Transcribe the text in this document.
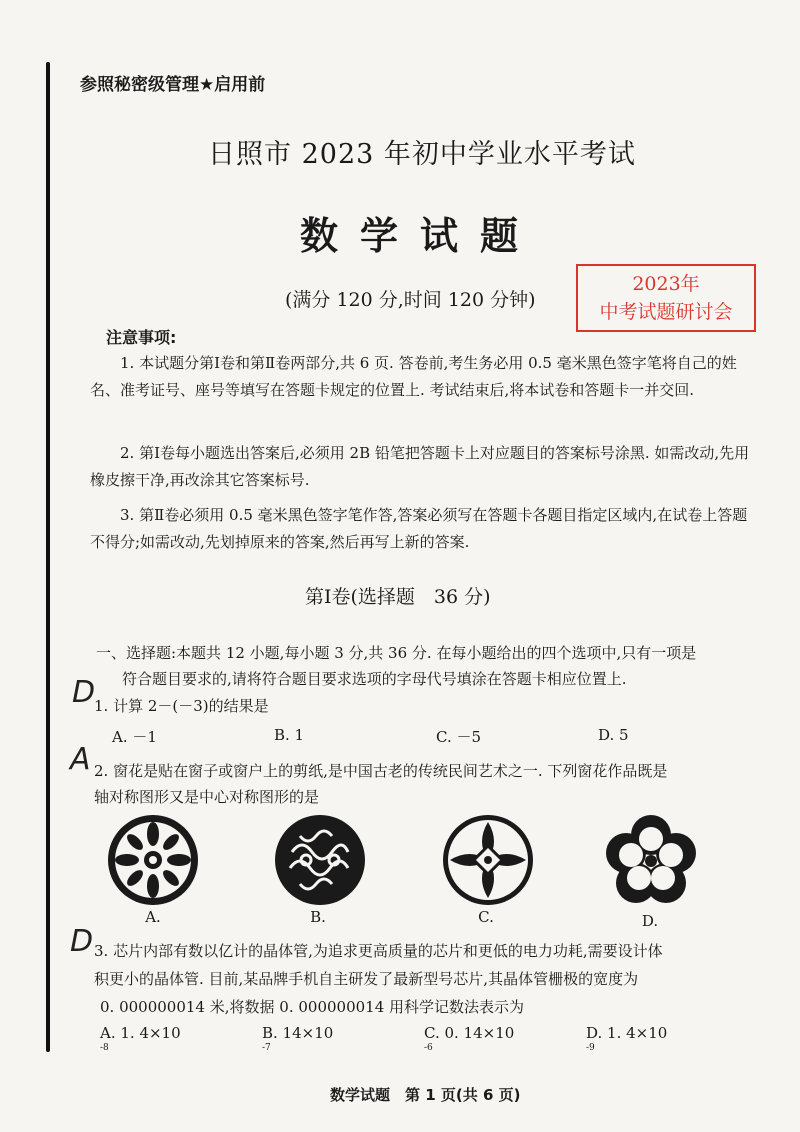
参照秘密级管理★启用前
日照市 2023 年初中学业水平考试
数学试题
(满分 120 分,时间 120 分钟)
2023年
中考试题研讨会
注意事项:
1. 本试题分第Ⅰ卷和第Ⅱ卷两部分,共 6 页. 答卷前,考生务必用 0.5 毫米黑色签字笔将自己的姓名、准考证号、座号等填写在答题卡规定的位置上. 考试结束后,将本试卷和答题卡一并交回.
2. 第Ⅰ卷每小题选出答案后,必须用 2B 铅笔把答题卡上对应题目的答案标号涂黑. 如需改动,先用橡皮擦干净,再改涂其它答案标号.
3. 第Ⅱ卷必须用 0.5 毫米黑色签字笔作答,答案必须写在答题卡各题目指定区域内,在试卷上答题不得分;如需改动,先划掉原来的答案,然后再写上新的答案.
第Ⅰ卷(选择题　36 分)
一、选择题:本题共 12 小题,每小题 3 分,共 36 分. 在每小题给出的四个选项中,只有一项是
符合题目要求的,请将符合题目要求选项的字母代号填涂在答题卡相应位置上.
D
1. 计算 2－(－3)的结果是
A. －1	B. 1	C. －5	D. 5
A 2. 窗花是贴在窗子或窗户上的剪纸,是中国古老的传统民间艺术之一. 下列窗花作品既是
轴对称图形又是中心对称图形的是
A.	B.	C.	D.
D 3. 芯片内部有数以亿计的晶体管,为追求更高质量的芯片和更低的电力功耗,需要设计体
积更小的晶体管. 目前,某品牌手机自主研发了最新型号芯片,其晶体管栅极的宽度为
0. 000000014 米,将数据 0. 000000014 用科学记数法表示为
A. 1. $4\times 10^{-8}$
B. $14\times 10^{-7}$
C. 0. $14\times 10^{-6}$
D. 1. $4\times 10^{-9}$
数学试题　第 1 页(共 6 页)
